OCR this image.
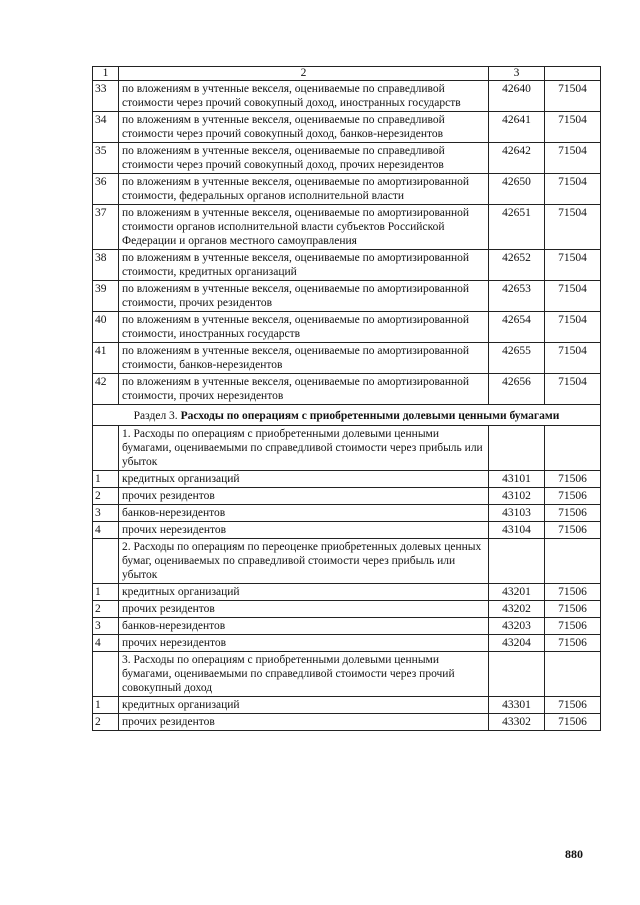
1	2	3	
33	по вложениям в учтенные векселя, оцениваемые по справедливой стоимости через прочий совокупный доход, иностранных государств	42640	71504
34	по вложениям в учтенные векселя, оцениваемые по справедливой стоимости через прочий совокупный доход, банков-нерезидентов	42641	71504
35	по вложениям в учтенные векселя, оцениваемые по справедливой стоимости через прочий совокупный доход, прочих нерезидентов	42642	71504
36	по вложениям в учтенные векселя, оцениваемые по амортизированной стоимости, федеральных органов исполнительной власти	42650	71504
37	по вложениям в учтенные векселя, оцениваемые по амортизированной стоимости органов исполнительной власти субъектов Российской Федерации и органов местного самоуправления	42651	71504
38	по вложениям в учтенные векселя, оцениваемые по амортизированной стоимости, кредитных организаций	42652	71504
39	по вложениям в учтенные векселя, оцениваемые по амортизированной стоимости, прочих резидентов	42653	71504
40	по вложениям в учтенные векселя, оцениваемые по амортизированной стоимости, иностранных государств	42654	71504
41	по вложениям в учтенные векселя, оцениваемые по амортизированной стоимости, банков-нерезидентов	42655	71504
42	по вложениям в учтенные векселя, оцениваемые по амортизированной стоимости, прочих нерезидентов	42656	71504
Раздел 3. Расходы по операциям с приобретенными долевыми ценными бумагами			
	1. Расходы по операциям с приобретенными долевыми ценными бумагами, оцениваемыми по справедливой стоимости через прибыль или убыток		
1	кредитных организаций	43101	71506
2	прочих резидентов	43102	71506
3	банков-нерезидентов	43103	71506
4	прочих нерезидентов	43104	71506
	2. Расходы по операциям по переоценке приобретенных долевых ценных бумаг, оцениваемых по справедливой стоимости через прибыль или убыток		
1	кредитных организаций	43201	71506
2	прочих резидентов	43202	71506
3	банков-нерезидентов	43203	71506
4	прочих нерезидентов	43204	71506
	3. Расходы по операциям с приобретенными долевыми ценными бумагами, оцениваемыми по справедливой стоимости через прочий совокупный доход		
1	кредитных организаций	43301	71506
2	прочих резидентов	43302	71506
880
